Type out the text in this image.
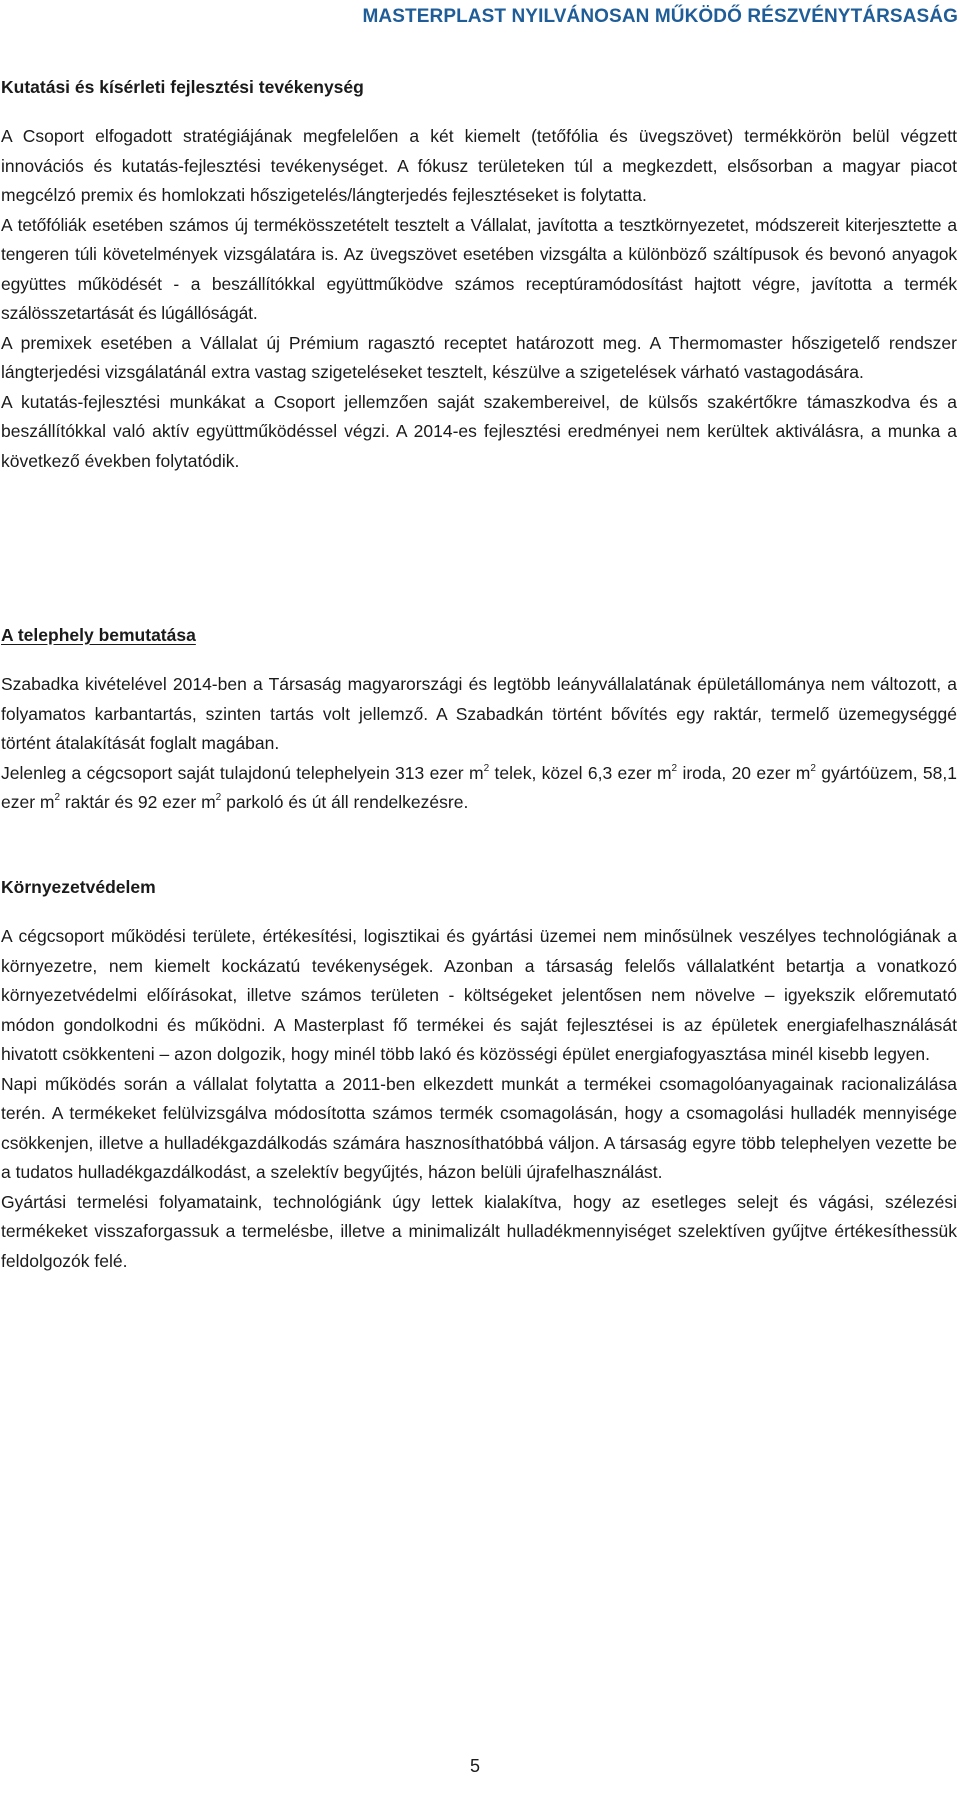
MASTERPLAST NYILVÁNOSAN MŰKÖDŐ RÉSZVÉNYTÁRSASÁG
Kutatási és kísérleti fejlesztési tevékenység

A Csoport elfogadott stratégiájának megfelelően a két kiemelt (tetőfólia és üvegszövet) termékkörön belül végzett innovációs és kutatás-fejlesztési tevékenységet. A fókusz területeken túl a megkezdett, elsősorban a magyar piacot megcélzó premix és homlokzati hőszigetelés/lángterjedés fejlesztéseket is folytatta.

A tetőfóliák esetében számos új termékösszetételt tesztelt a Vállalat, javította a tesztkörnyezetet, módszereit kiterjesztette a tengeren túli követelmények vizsgálatára is. Az üvegszövet esetében vizsgálta a különböző száltípusok és bevonó anyagok együttes működését - a beszállítókkal együttműködve számos receptúramódosítást hajtott végre, javította a termék szálösszetartását és lúgállóságát.

A premixek esetében a Vállalat új Prémium ragasztó receptet határozott meg. A Thermomaster hőszigetelő rendszer lángterjedési vizsgálatánál extra vastag szigeteléseket tesztelt, készülve a szigetelések várható vastagodására.

A kutatás-fejlesztési munkákat a Csoport jellemzően saját szakembereivel, de külsős szakértőkre támaszkodva és a beszállítókkal való aktív együttműködéssel végzi. A 2014-es fejlesztési eredményei nem kerültek aktiválásra, a munka a következő években folytatódik.

A telephely bemutatása

Szabadka kivételével 2014-ben a Társaság magyarországi és legtöbb leányvállalatának épületállománya nem változott, a folyamatos karbantartás, szinten tartás volt jellemző. A Szabadkán történt bővítés egy raktár, termelő üzemegységgé történt átalakítását foglalt magában.

Jelenleg a cégcsoport saját tulajdonú telephelyein 313 ezer $m^2$ telek, közel 6,3 ezer $m^2$ iroda, 20 ezer $m^2$ gyártóüzem, 58,1 ezer $m^2$ raktár és 92 ezer $m^2$ parkoló és út áll rendelkezésre.

Környezetvédelem

A cégcsoport működési területe, értékesítési, logisztikai és gyártási üzemei nem minősülnek veszélyes technológiának a környezetre, nem kiemelt kockázatú tevékenységek. Azonban a társaság felelős vállalatként betartja a vonatkozó környezetvédelmi előírásokat, illetve számos területen - költségeket jelentősen nem növelve – igyekszik előremutató módon gondolkodni és működni. A Masterplast fő termékei és saját fejlesztései is az épületek energiafelhasználását hivatott csökkenteni – azon dolgozik, hogy minél több lakó és közösségi épület energiafogyasztása minél kisebb legyen.

Napi működés során a vállalat folytatta a 2011-ben elkezdett munkát a termékei csomagolóanyagainak racionalizálása terén. A termékeket felülvizsgálva módosította számos termék csomagolásán, hogy a csomagolási hulladék mennyisége csökkenjen, illetve a hulladékgazdálkodás számára hasznosíthatóbbá váljon. A társaság egyre több telephelyen vezette be a tudatos hulladékgazdálkodást, a szelektív begyűjtés, házon belüli újrafelhasználást.

Gyártási termelési folyamataink, technológiánk úgy lettek kialakítva, hogy az esetleges selejt és vágási, szélezési termékeket visszaforgassuk a termelésbe, illetve a minimalizált hulladékmennyiséget szelektíven gyűjtve értékesíthessük feldolgozók felé.

5
